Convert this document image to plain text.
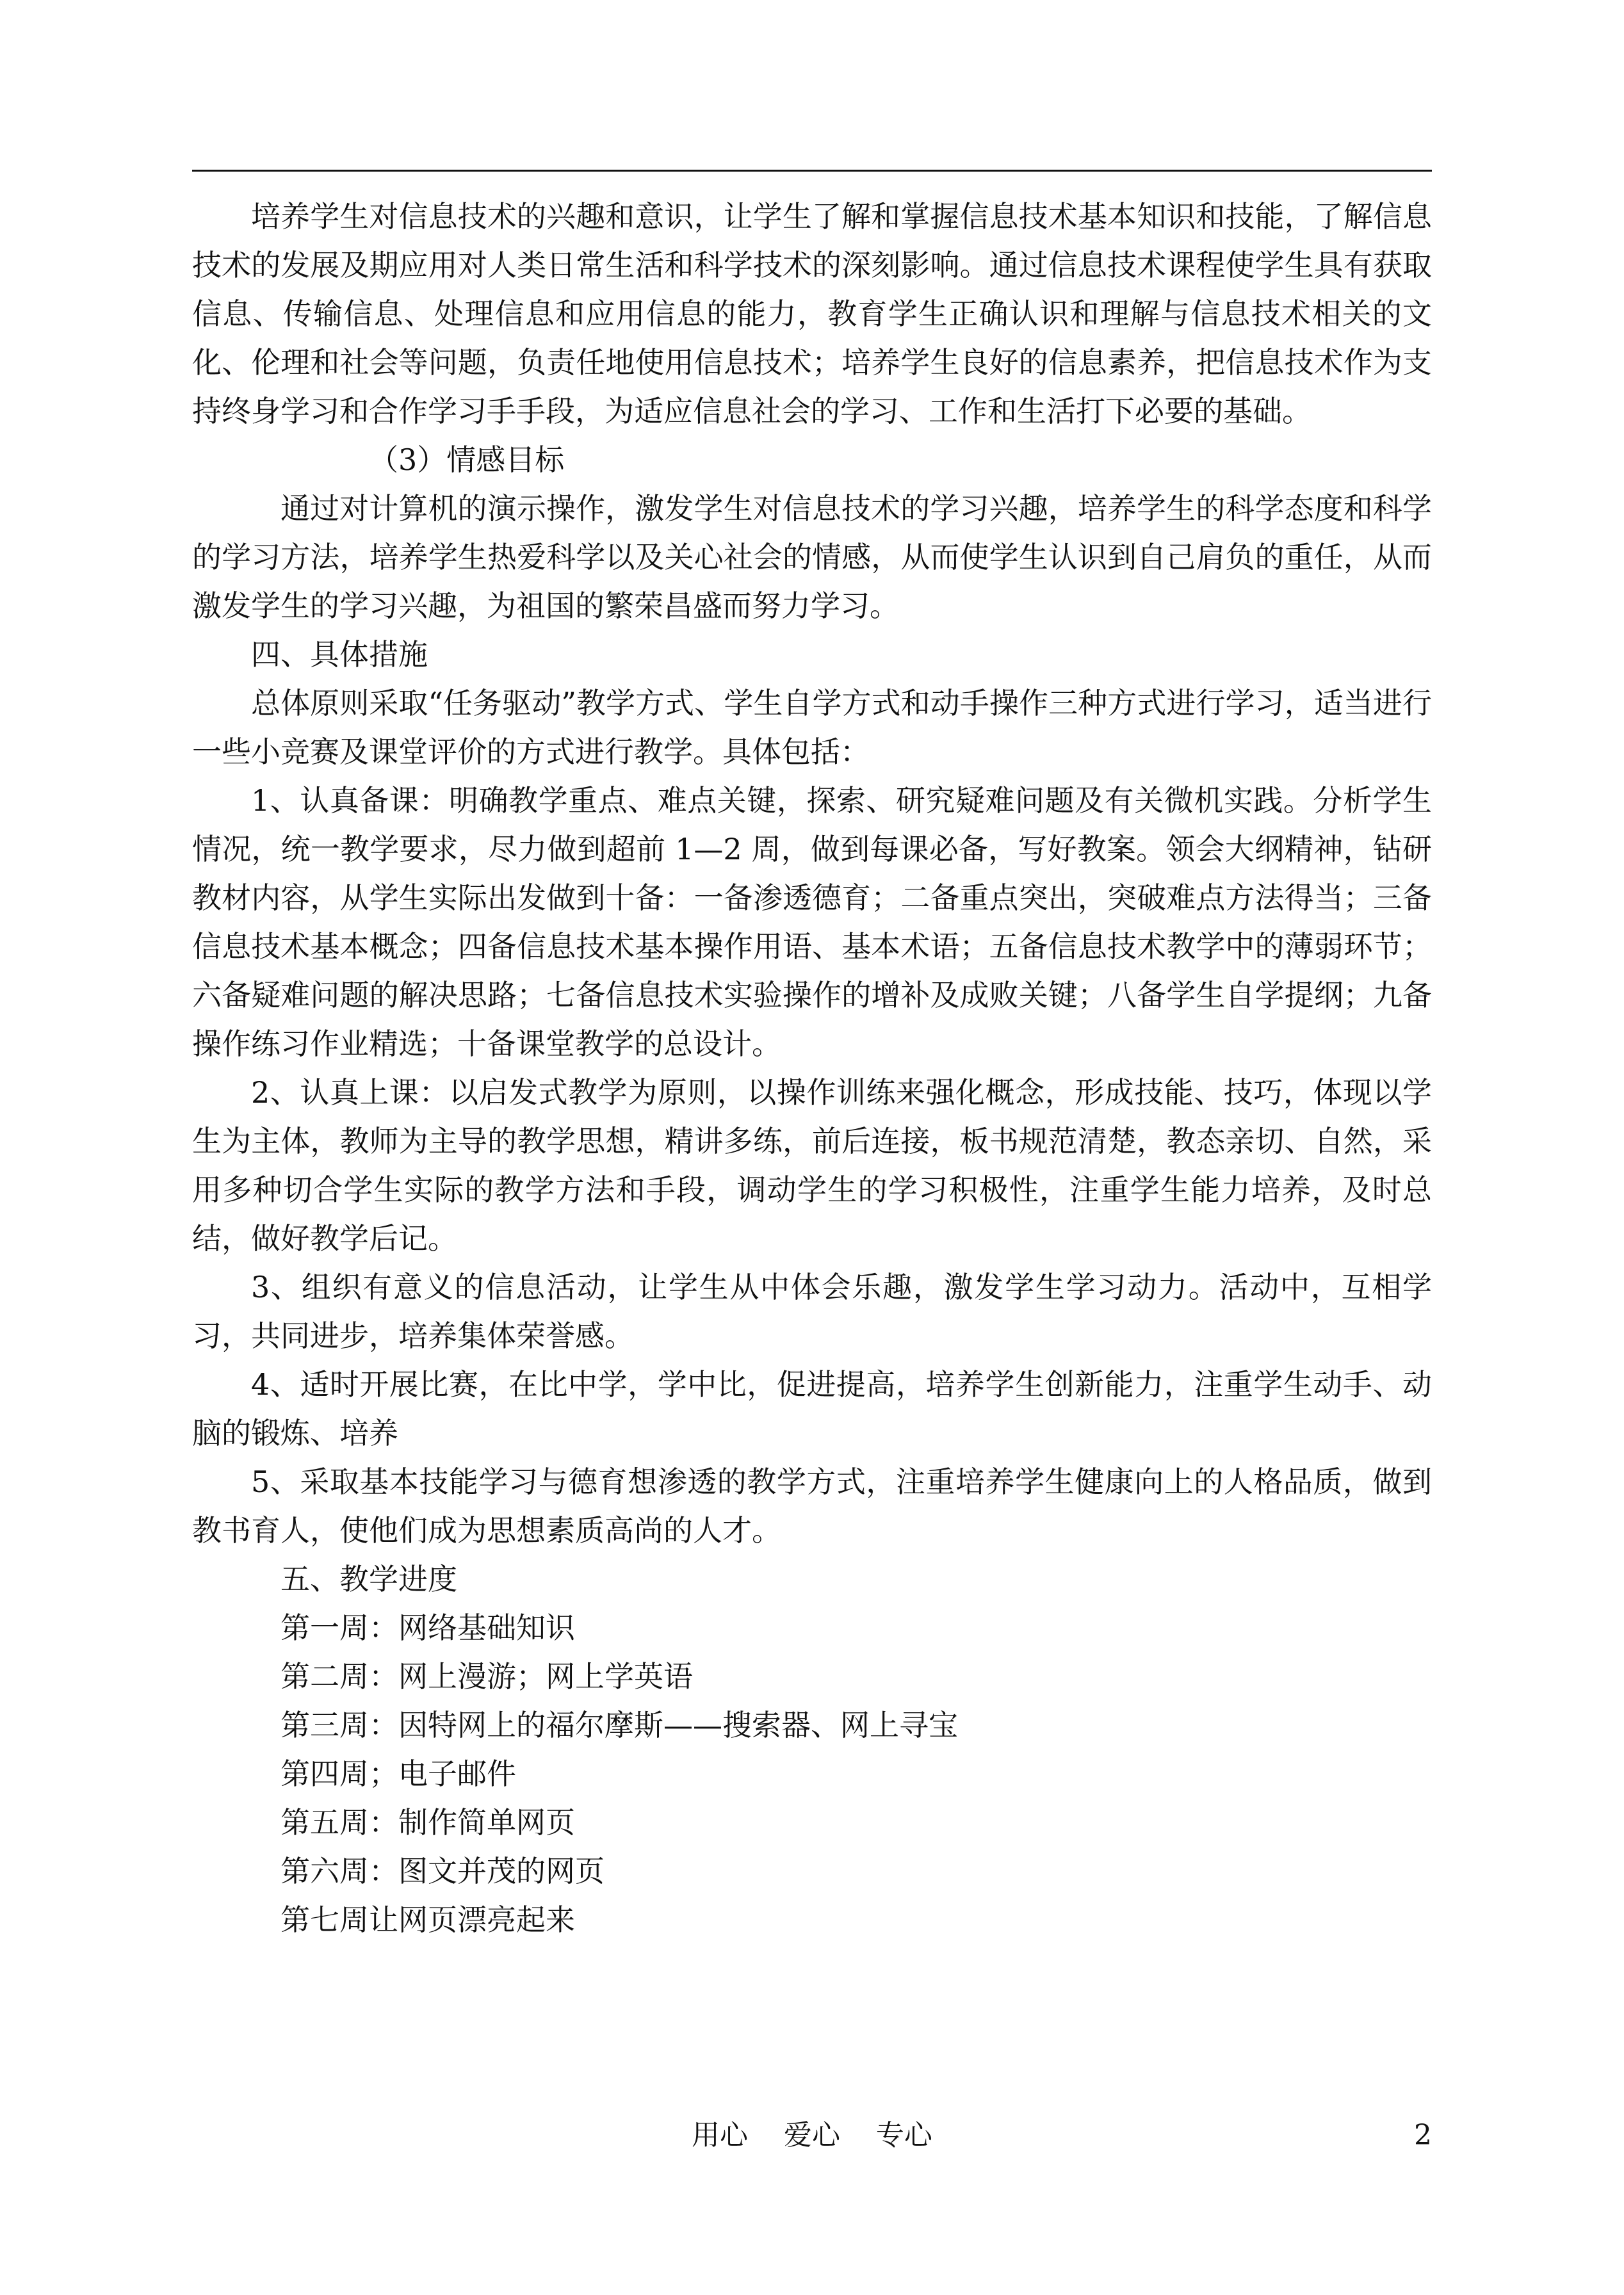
培养学生对信息技术的兴趣和意识，让学生了解和掌握信息技术基本知识和技能，了解信息技术的发展及期应用对人类日常生活和科学技术的深刻影响。通过信息技术课程使学生具有获取信息、传输信息、处理信息和应用信息的能力，教育学生正确认识和理解与信息技术相关的文化、伦理和社会等问题，负责任地使用信息技术；培养学生良好的信息素养，把信息技术作为支持终身学习和合作学习手手段，为适应信息社会的学习、工作和生活打下必要的基础。

（3）情感目标

通过对计算机的演示操作，激发学生对信息技术的学习兴趣，培养学生的科学态度和科学的学习方法，培养学生热爱科学以及关心社会的情感，从而使学生认识到自己肩负的重任，从而激发学生的学习兴趣，为祖国的繁荣昌盛而努力学习。

四、具体措施

总体原则采取“任务驱动”教学方式、学生自学方式和动手操作三种方式进行学习，适当进行一些小竞赛及课堂评价的方式进行教学。具体包括：

1、认真备课：明确教学重点、难点关键，探索、研究疑难问题及有关微机实践。分析学生情况，统一教学要求，尽力做到超前 1—2 周，做到每课必备，写好教案。领会大纲精神，钻研教材内容，从学生实际出发做到十备：一备渗透德育；二备重点突出，突破难点方法得当；三备信息技术基本概念；四备信息技术基本操作用语、基本术语；五备信息技术教学中的薄弱环节；六备疑难问题的解决思路；七备信息技术实验操作的增补及成败关键；八备学生自学提纲；九备操作练习作业精选；十备课堂教学的总设计。

2、认真上课：以启发式教学为原则，以操作训练来强化概念，形成技能、技巧，体现以学生为主体，教师为主导的教学思想，精讲多练，前后连接，板书规范清楚，教态亲切、自然，采用多种切合学生实际的教学方法和手段，调动学生的学习积极性，注重学生能力培养，及时总结，做好教学后记。

3、组织有意义的信息活动，让学生从中体会乐趣，激发学生学习动力。活动中，互相学习，共同进步，培养集体荣誉感。

4、适时开展比赛，在比中学，学中比，促进提高，培养学生创新能力，注重学生动手、动脑的锻炼、培养

5、采取基本技能学习与德育想渗透的教学方式，注重培养学生健康向上的人格品质，做到教书育人，使他们成为思想素质高尚的人才。

五、教学进度

第一周：网络基础知识

第二周：网上漫游；网上学英语

第三周：因特网上的福尔摩斯——搜索器、网上寻宝

第四周；电子邮件

第五周：制作简单网页

第六周：图文并茂的网页

第七周让网页漂亮起来

用心    爱心    专心	2
